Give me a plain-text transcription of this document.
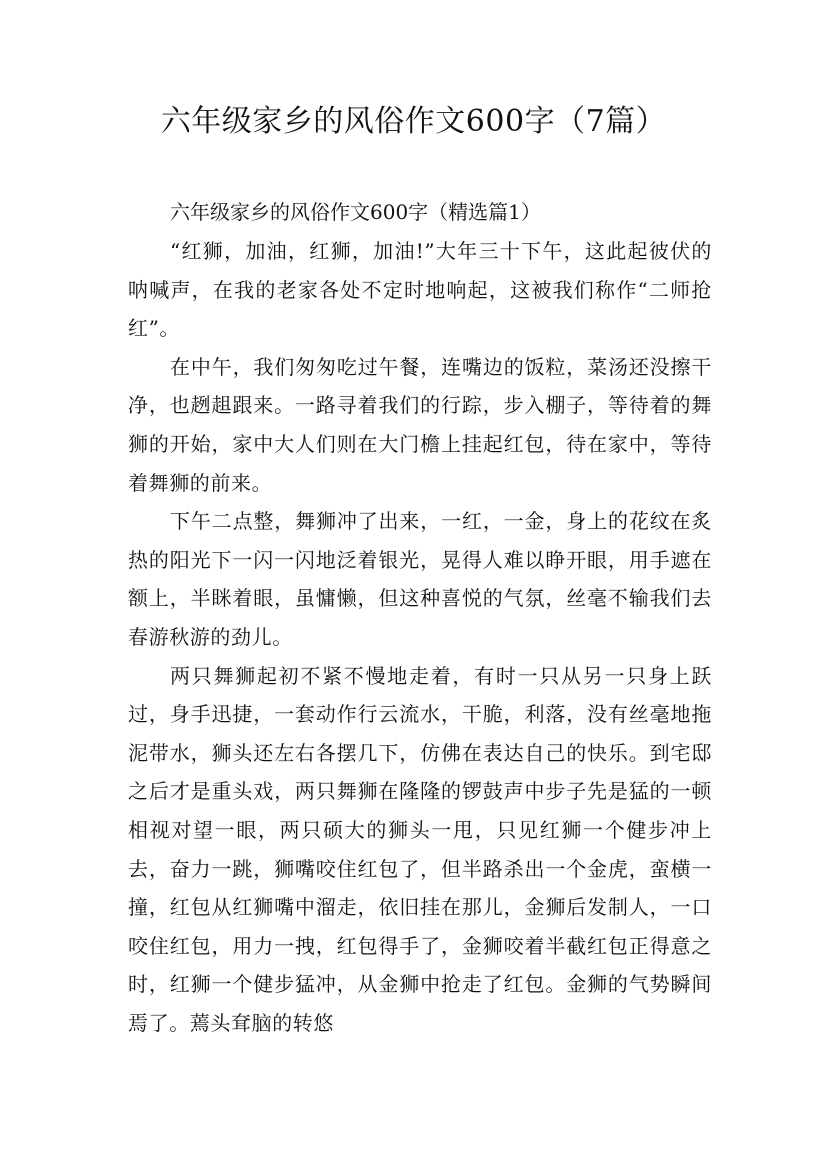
六年级家乡的风俗作文600字（7篇）

六年级家乡的风俗作文600字（精选篇1）

“红狮，加油，红狮，加油!”大年三十下午，这此起彼伏的呐喊声，在我的老家各处不定时地响起，这被我们称作“二师抢红”。

在中午，我们匆匆吃过午餐，连嘴边的饭粒，菜汤还没擦干净，也趔趄跟来。一路寻着我们的行踪，步入棚子，等待着的舞狮的开始，家中大人们则在大门檐上挂起红包，待在家中，等待着舞狮的前来。

下午二点整，舞狮冲了出来，一红，一金，身上的花纹在炙热的阳光下一闪一闪地泛着银光，晃得人难以睁开眼，用手遮在额上，半眯着眼，虽慵懒，但这种喜悦的气氛，丝毫不输我们去春游秋游的劲儿。

两只舞狮起初不紧不慢地走着，有时一只从另一只身上跃过，身手迅捷，一套动作行云流水，干脆，利落，没有丝毫地拖泥带水，狮头还左右各摆几下，仿佛在表达自己的快乐。到宅邸之后才是重头戏，两只舞狮在隆隆的锣鼓声中步子先是猛的一顿相视对望一眼，两只硕大的狮头一甩，只见红狮一个健步冲上去，奋力一跳，狮嘴咬住红包了，但半路杀出一个金虎，蛮横一撞，红包从红狮嘴中溜走，依旧挂在那儿，金狮后发制人，一口咬住红包，用力一拽，红包得手了，金狮咬着半截红包正得意之时，红狮一个健步猛冲，从金狮中抢走了红包。金狮的气势瞬间焉了。蔫头耷脑的转悠
